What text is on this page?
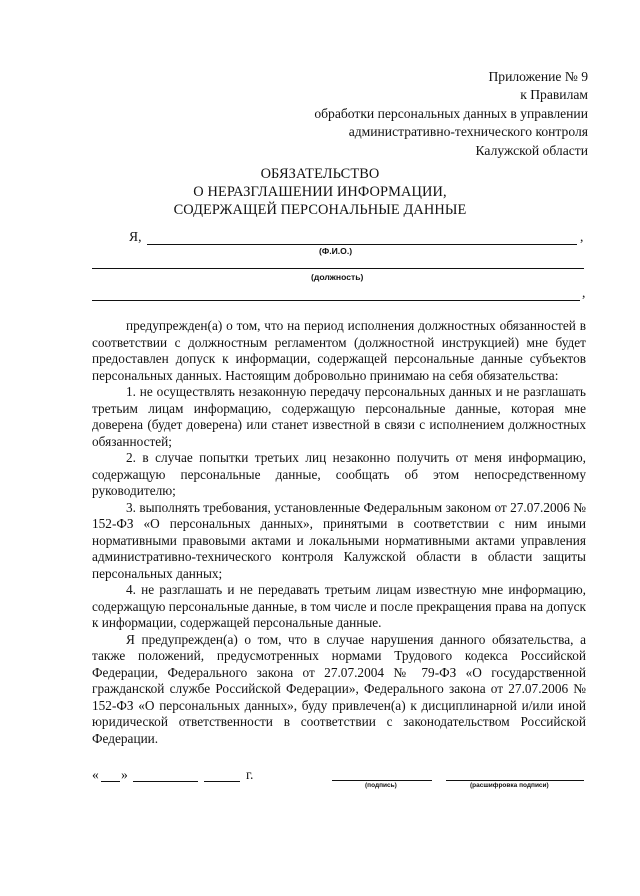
Приложение № 9
к Правилам
обработки персональных данных в управлении
административно-технического контроля
Калужской области
ОБЯЗАТЕЛЬСТВО
О НЕРАЗГЛАШЕНИИ ИНФОРМАЦИИ,
СОДЕРЖАЩЕЙ ПЕРСОНАЛЬНЫЕ ДАННЫЕ
Я,	,
(Ф.И.О.)
(должность)
,

предупрежден(а) о том, что на период исполнения должностных обязанностей в соответствии с должностным регламентом (должностной инструкцией) мне будет предоставлен допуск к информации, содержащей персональные данные субъектов персональных данных. Настоящим добровольно принимаю на себя обязательства:

1. не осуществлять незаконную передачу персональных данных и не разглашать третьим лицам информацию, содержащую персональные данные, которая мне доверена (будет доверена) или станет известной в связи с исполнением должностных обязанностей;

2. в случае попытки третьих лиц незаконно получить от меня информацию, содержащую персональные данные, сообщать об этом непосредственному руководителю;

3. выполнять требования, установленные Федеральным законом от 27.07.2006 № 152-ФЗ «О персональных данных», принятыми в соответствии с ним иными нормативными правовыми актами и локальными нормативными актами управления административно-технического контроля Калужской области в области защиты персональных данных;

4. не разглашать и не передавать третьим лицам известную мне информацию, содержащую персональные данные, в том числе и после прекращения права на допуск к информации, содержащей персональные данные.

Я предупрежден(а) о том, что в случае нарушения данного обязательства, а также положений, предусмотренных нормами Трудового кодекса Российской Федерации, Федерального закона от 27.07.2004 № 79-ФЗ «О государственной гражданской службе Российской Федерации», Федерального закона от 27.07.2006 № 152-ФЗ «О персональных данных», буду привлечен(а) к дисциплинарной и/или иной юридической ответственности в соответствии с законодательством Российской Федерации.

« »	г.
(подпись)	(расшифровка подписи)
